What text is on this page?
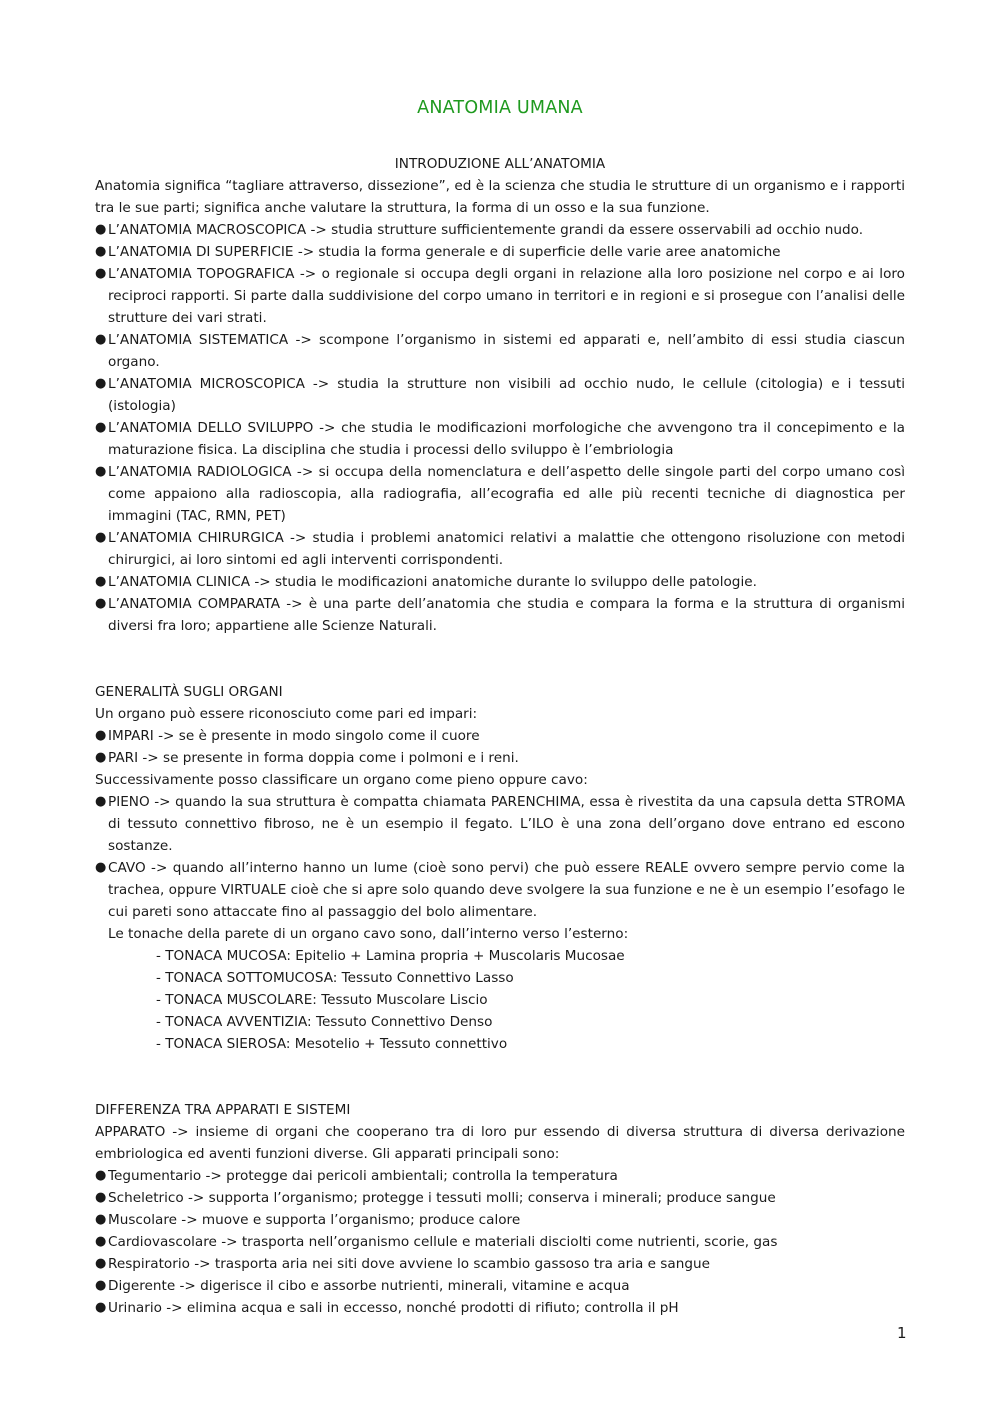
ANATOMIA UMANA

INTRODUZIONE ALL’ANATOMIA

Anatomia significa “tagliare attraverso, dissezione”, ed è la scienza che studia le strutture di un organismo e i rapporti tra le sue parti; significa anche valutare la struttura, la forma di un osso e la sua funzione.

● L’ANATOMIA MACROSCOPICA -> studia strutture sufficientemente grandi da essere osservabili ad occhio nudo.
● L’ANATOMIA DI SUPERFICIE -> studia la forma generale e di superficie delle varie aree anatomiche
● L’ANATOMIA TOPOGRAFICA -> o regionale si occupa degli organi in relazione alla loro posizione nel corpo e ai loro reciproci rapporti. Si parte dalla suddivisione del corpo umano in territori e in regioni e si prosegue con l’analisi delle strutture dei vari strati.
● L’ANATOMIA SISTEMATICA -> scompone l’organismo in sistemi ed apparati e, nell’ambito di essi studia ciascun organo.
● L’ANATOMIA MICROSCOPICA -> studia la strutture non visibili ad occhio nudo, le cellule (citologia) e i tessuti (istologia)
● L’ANATOMIA DELLO SVILUPPO -> che studia le modificazioni morfologiche che avvengono tra il concepimento e la maturazione fisica. La disciplina che studia i processi dello sviluppo è l’embriologia
● L’ANATOMIA RADIOLOGICA -> si occupa della nomenclatura e dell’aspetto delle singole parti del corpo umano così come appaiono alla radioscopia, alla radiografia, all’ecografia ed alle più recenti tecniche di diagnostica per immagini (TAC, RMN, PET)
● L’ANATOMIA CHIRURGICA -> studia i problemi anatomici relativi a malattie che ottengono risoluzione con metodi chirurgici, ai loro sintomi ed agli interventi corrispondenti.
● L’ANATOMIA CLINICA -> studia le modificazioni anatomiche durante lo sviluppo delle patologie.
● L’ANATOMIA COMPARATA -> è una parte dell’anatomia che studia e compara la forma e la struttura di organismi diversi fra loro; appartiene alle Scienze Naturali.

GENERALITÀ SUGLI ORGANI

Un organo può essere riconosciuto come pari ed impari:

● IMPARI -> se è presente in modo singolo come il cuore
● PARI -> se presente in forma doppia come i polmoni e i reni.

Successivamente posso classificare un organo come pieno oppure cavo:

● PIENO -> quando la sua struttura è compatta chiamata PARENCHIMA, essa è rivestita da una capsula detta STROMA di tessuto connettivo fibroso, ne è un esempio il fegato. L’ILO è una zona dell’organo dove entrano ed escono sostanze.
● CAVO -> quando all’interno hanno un lume (cioè sono pervi) che può essere REALE ovvero sempre pervio come la trachea, oppure VIRTUALE cioè che si apre solo quando deve svolgere la sua funzione e ne è un esempio l’esofago le cui pareti sono attaccate fino al passaggio del bolo alimentare.

Le tonache della parete di un organo cavo sono, dall’interno verso l’esterno:

- TONACA MUCOSA: Epitelio + Lamina propria + Muscolaris Mucosae

- TONACA SOTTOMUCOSA: Tessuto Connettivo Lasso

- TONACA MUSCOLARE: Tessuto Muscolare Liscio

- TONACA AVVENTIZIA: Tessuto Connettivo Denso

- TONACA SIEROSA: Mesotelio + Tessuto connettivo

DIFFERENZA TRA APPARATI E SISTEMI

APPARATO -> insieme di organi che cooperano tra di loro pur essendo di diversa struttura di diversa derivazione embriologica ed aventi funzioni diverse. Gli apparati principali sono:

● Tegumentario -> protegge dai pericoli ambientali; controlla la temperatura
● Scheletrico -> supporta l’organismo; protegge i tessuti molli; conserva i minerali; produce sangue
● Muscolare -> muove e supporta l’organismo; produce calore
● Cardiovascolare -> trasporta nell’organismo cellule e materiali disciolti come nutrienti, scorie, gas
● Respiratorio -> trasporta aria nei siti dove avviene lo scambio gassoso tra aria e sangue
● Digerente -> digerisce il cibo e assorbe nutrienti, minerali, vitamine e acqua
● Urinario -> elimina acqua e sali in eccesso, nonché prodotti di rifiuto; controlla il pH
1
